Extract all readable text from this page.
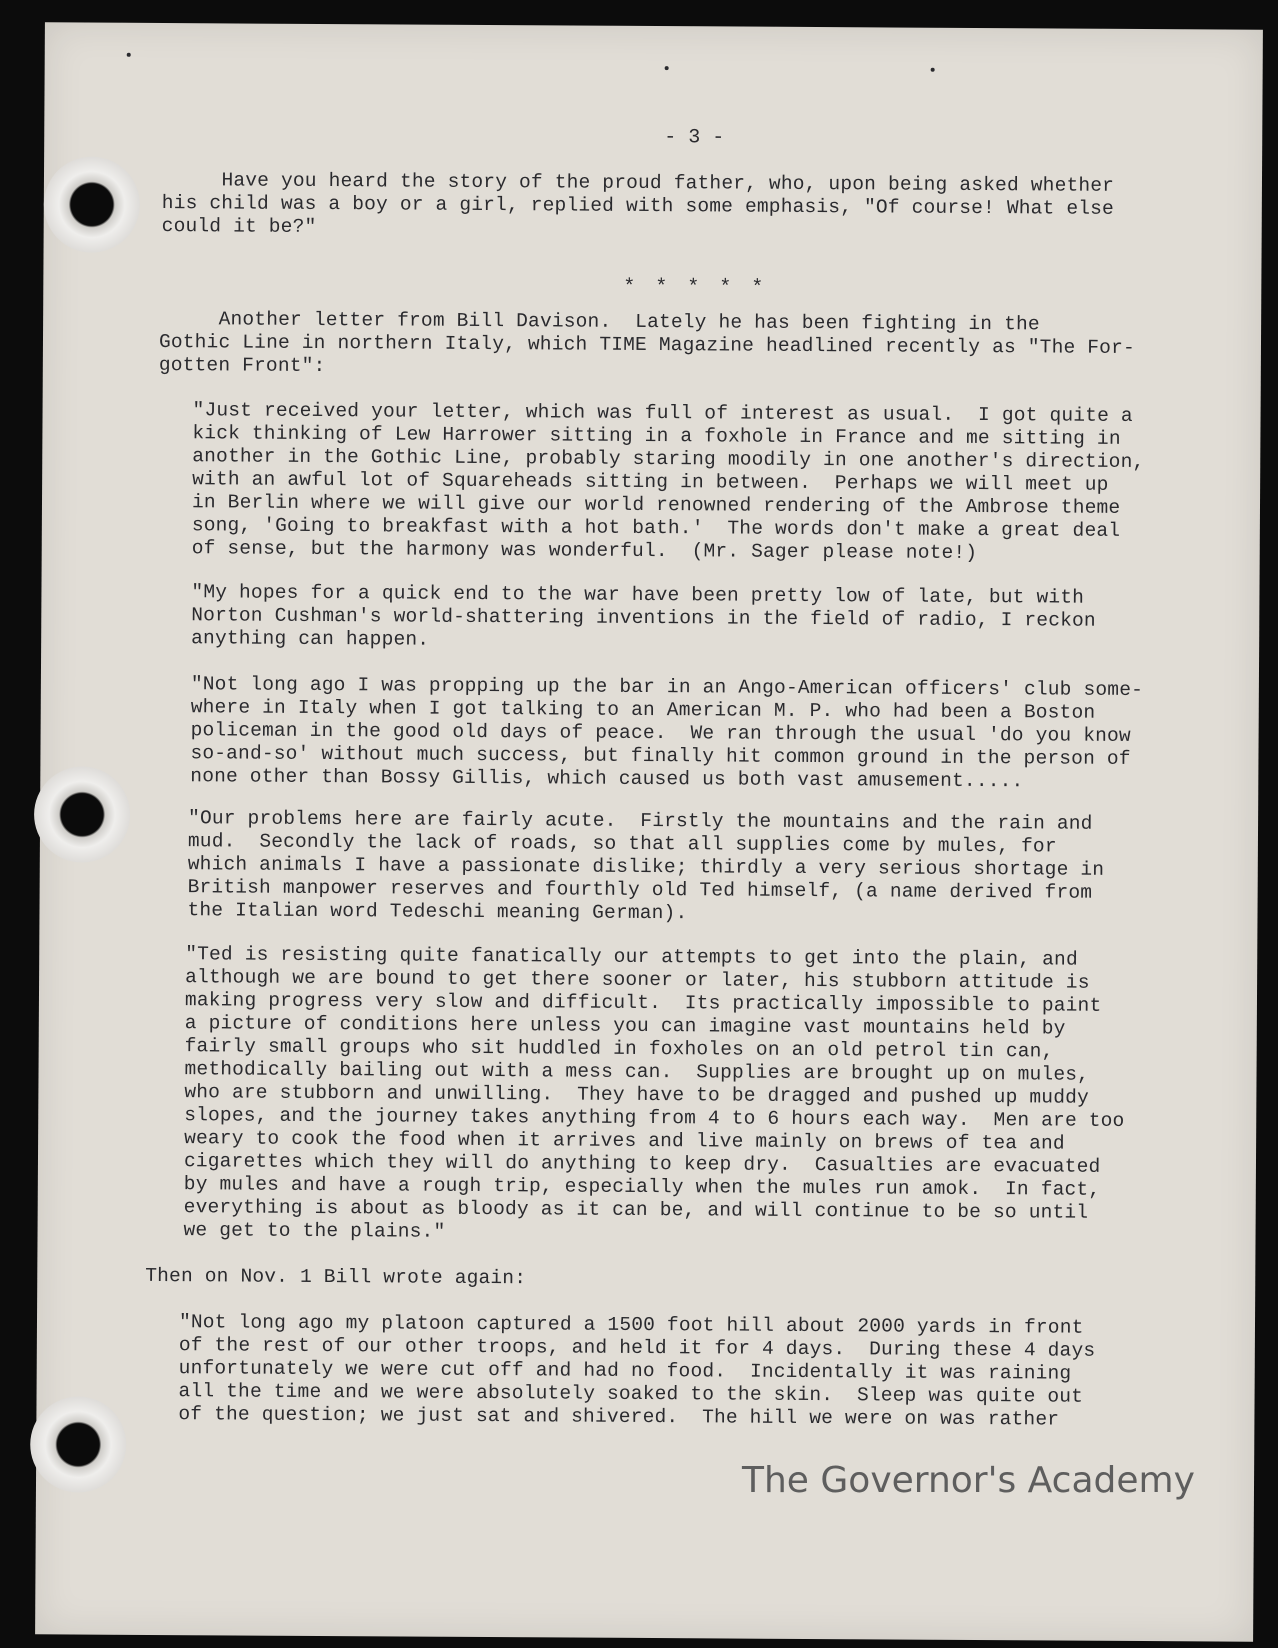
- 3 -
Have you heard the story of the proud father, who, upon being asked whether
his child was a boy or a girl, replied with some emphasis, "Of course! What else
could it be?"
* * * * *
Another letter from Bill Davison.  Lately he has been fighting in the
Gothic Line in northern Italy, which TIME Magazine headlined recently as "The For-
gotten Front":
"Just received your letter, which was full of interest as usual.  I got quite a
kick thinking of Lew Harrower sitting in a foxhole in France and me sitting in
another in the Gothic Line, probably staring moodily in one another's direction,
with an awful lot of Squareheads sitting in between.  Perhaps we will meet up
in Berlin where we will give our world renowned rendering of the Ambrose theme
song, 'Going to breakfast with a hot bath.'  The words don't make a great deal
of sense, but the harmony was wonderful.  (Mr. Sager please note!)
"My hopes for a quick end to the war have been pretty low of late, but with
Norton Cushman's world-shattering inventions in the field of radio, I reckon
anything can happen.
"Not long ago I was propping up the bar in an Ango-American officers' club some-
where in Italy when I got talking to an American M. P. who had been a Boston
policeman in the good old days of peace.  We ran through the usual 'do you know
so-and-so' without much success, but finally hit common ground in the person of
none other than Bossy Gillis, which caused us both vast amusement.....
"Our problems here are fairly acute.  Firstly the mountains and the rain and
mud.  Secondly the lack of roads, so that all supplies come by mules, for
which animals I have a passionate dislike; thirdly a very serious shortage in
British manpower reserves and fourthly old Ted himself, (a name derived from
the Italian word Tedeschi meaning German).
"Ted is resisting quite fanatically our attempts to get into the plain, and
although we are bound to get there sooner or later, his stubborn attitude is
making progress very slow and difficult.  Its practically impossible to paint
a picture of conditions here unless you can imagine vast mountains held by
fairly small groups who sit huddled in foxholes on an old petrol tin can,
methodically bailing out with a mess can.  Supplies are brought up on mules,
who are stubborn and unwilling.  They have to be dragged and pushed up muddy
slopes, and the journey takes anything from 4 to 6 hours each way.  Men are too
weary to cook the food when it arrives and live mainly on brews of tea and
cigarettes which they will do anything to keep dry.  Casualties are evacuated
by mules and have a rough trip, especially when the mules run amok.  In fact,
everything is about as bloody as it can be, and will continue to be so until
we get to the plains."
Then on Nov. 1 Bill wrote again:
"Not long ago my platoon captured a 1500 foot hill about 2000 yards in front
of the rest of our other troops, and held it for 4 days.  During these 4 days
unfortunately we were cut off and had no food.  Incidentally it was raining
all the time and we were absolutely soaked to the skin.  Sleep was quite out
of the question; we just sat and shivered.  The hill we were on was rather
The Governor's Academy
